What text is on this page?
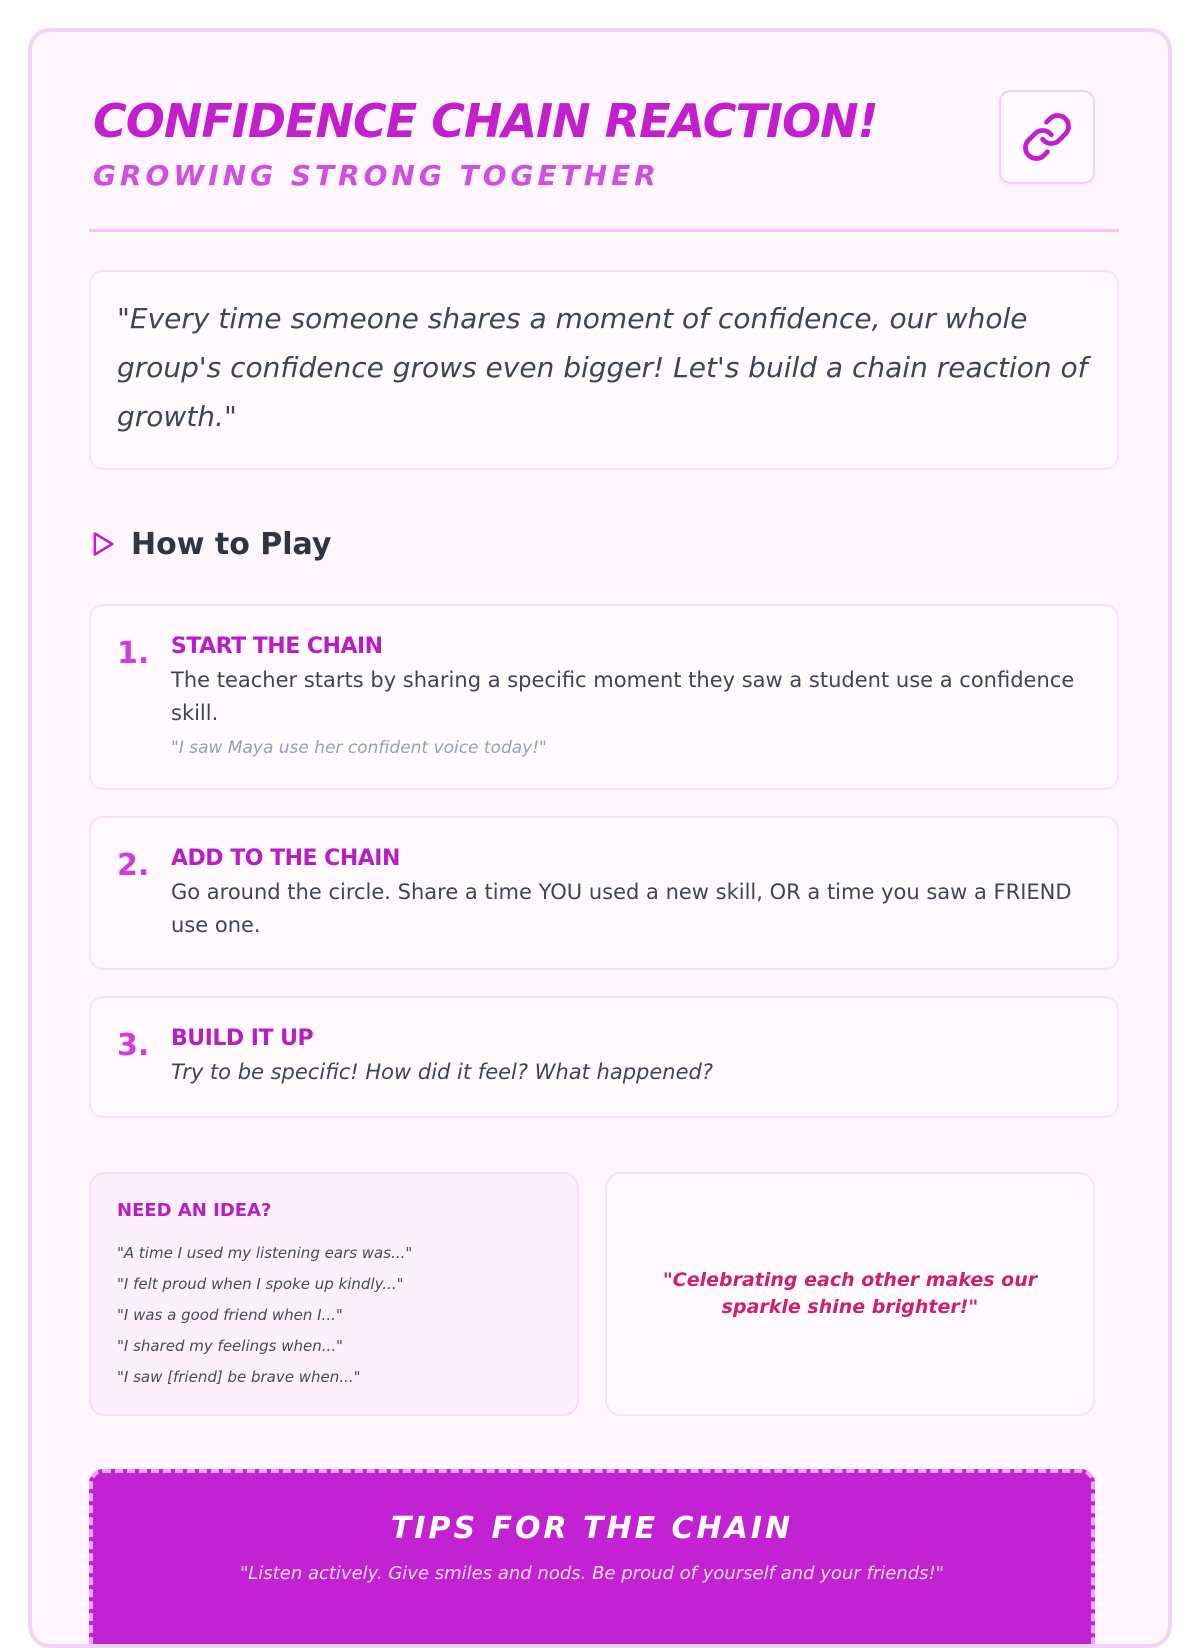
CONFIDENCE CHAIN REACTION!
GROWING STRONG TOGETHER

"Every time someone shares a moment of confidence, our whole group's confidence grows even bigger! Let's build a chain reaction of growth."

How to Play
1. START THE CHAIN

The teacher starts by sharing a specific moment they saw a student use a confidence skill.

"I saw Maya use her confident voice today!"

2. ADD TO THE CHAIN

Go around the circle. Share a time YOU used a new skill, OR a time you saw a FRIEND use one.

3. BUILD IT UP

Try to be specific! How did it feel? What happened?

NEED AN IDEA?

"A time I used my listening ears was..."
"I felt proud when I spoke up kindly..."
"I was a good friend when I..."
"I shared my feelings when..."
"I saw [friend] be brave when..."

"Celebrating each other makes our sparkle shine brighter!"

TIPS FOR THE CHAIN

"Listen actively. Give smiles and nods. Be proud of yourself and your friends!"
